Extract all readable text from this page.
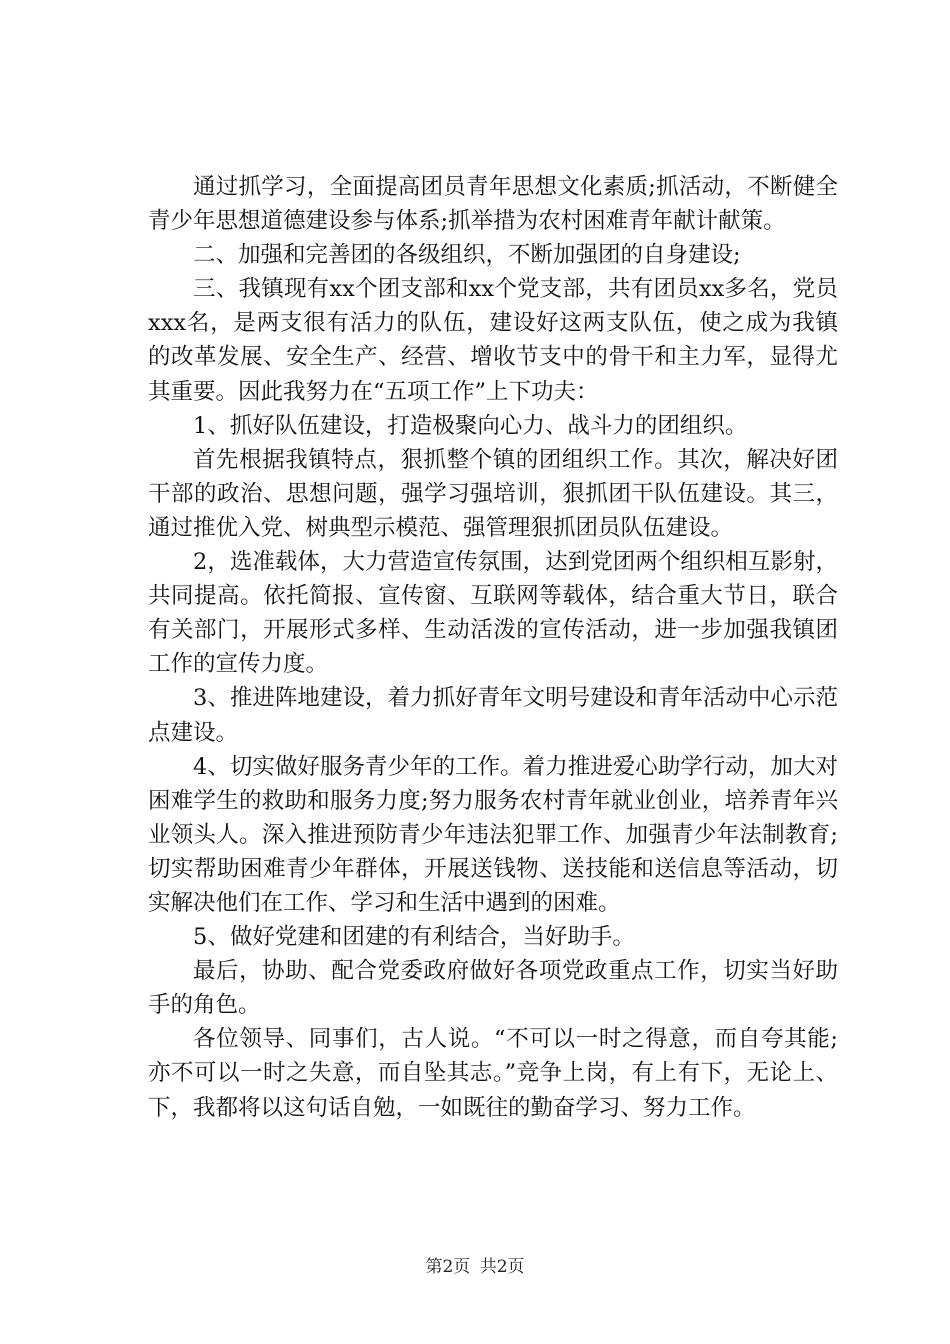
通过抓学习，全面提高团员青年思想文化素质;抓活动，不断健全青少年思想道德建设参与体系;抓举措为农村困难青年献计献策。

二、加强和完善团的各级组织，不断加强团的自身建设;

三、我镇现有xx个团支部和xx个党支部，共有团员xx多名，党员xxx名，是两支很有活力的队伍，建设好这两支队伍，使之成为我镇的改革发展、安全生产、经营、增收节支中的骨干和主力军，显得尤其重要。因此我努力在“五项工作”上下功夫：

1、抓好队伍建设，打造极聚向心力、战斗力的团组织。

首先根据我镇特点，狠抓整个镇的团组织工作。其次，解决好团干部的政治、思想问题，强学习强培训，狠抓团干队伍建设。其三，通过推优入党、树典型示模范、强管理狠抓团员队伍建设。

2，选准载体，大力营造宣传氛围，达到党团两个组织相互影射，共同提高。依托简报、宣传窗、互联网等载体，结合重大节日，联合有关部门，开展形式多样、生动活泼的宣传活动，进一步加强我镇团工作的宣传力度。

3、推进阵地建设，着力抓好青年文明号建设和青年活动中心示范点建设。

4、切实做好服务青少年的工作。着力推进爱心助学行动，加大对困难学生的救助和服务力度;努力服务农村青年就业创业，培养青年兴业领头人。深入推进预防青少年违法犯罪工作、加强青少年法制教育;切实帮助困难青少年群体，开展送钱物、送技能和送信息等活动，切实解决他们在工作、学习和生活中遇到的困难。

5、做好党建和团建的有利结合，当好助手。

最后，协助、配合党委政府做好各项党政重点工作，切实当好助手的角色。

各位领导、同事们，古人说。“不可以一时之得意，而自夸其能;亦不可以一时之失意，而自坠其志。”竞争上岗，有上有下，无论上、下，我都将以这句话自勉，一如既往的勤奋学习、努力工作。

第2页 共2页
